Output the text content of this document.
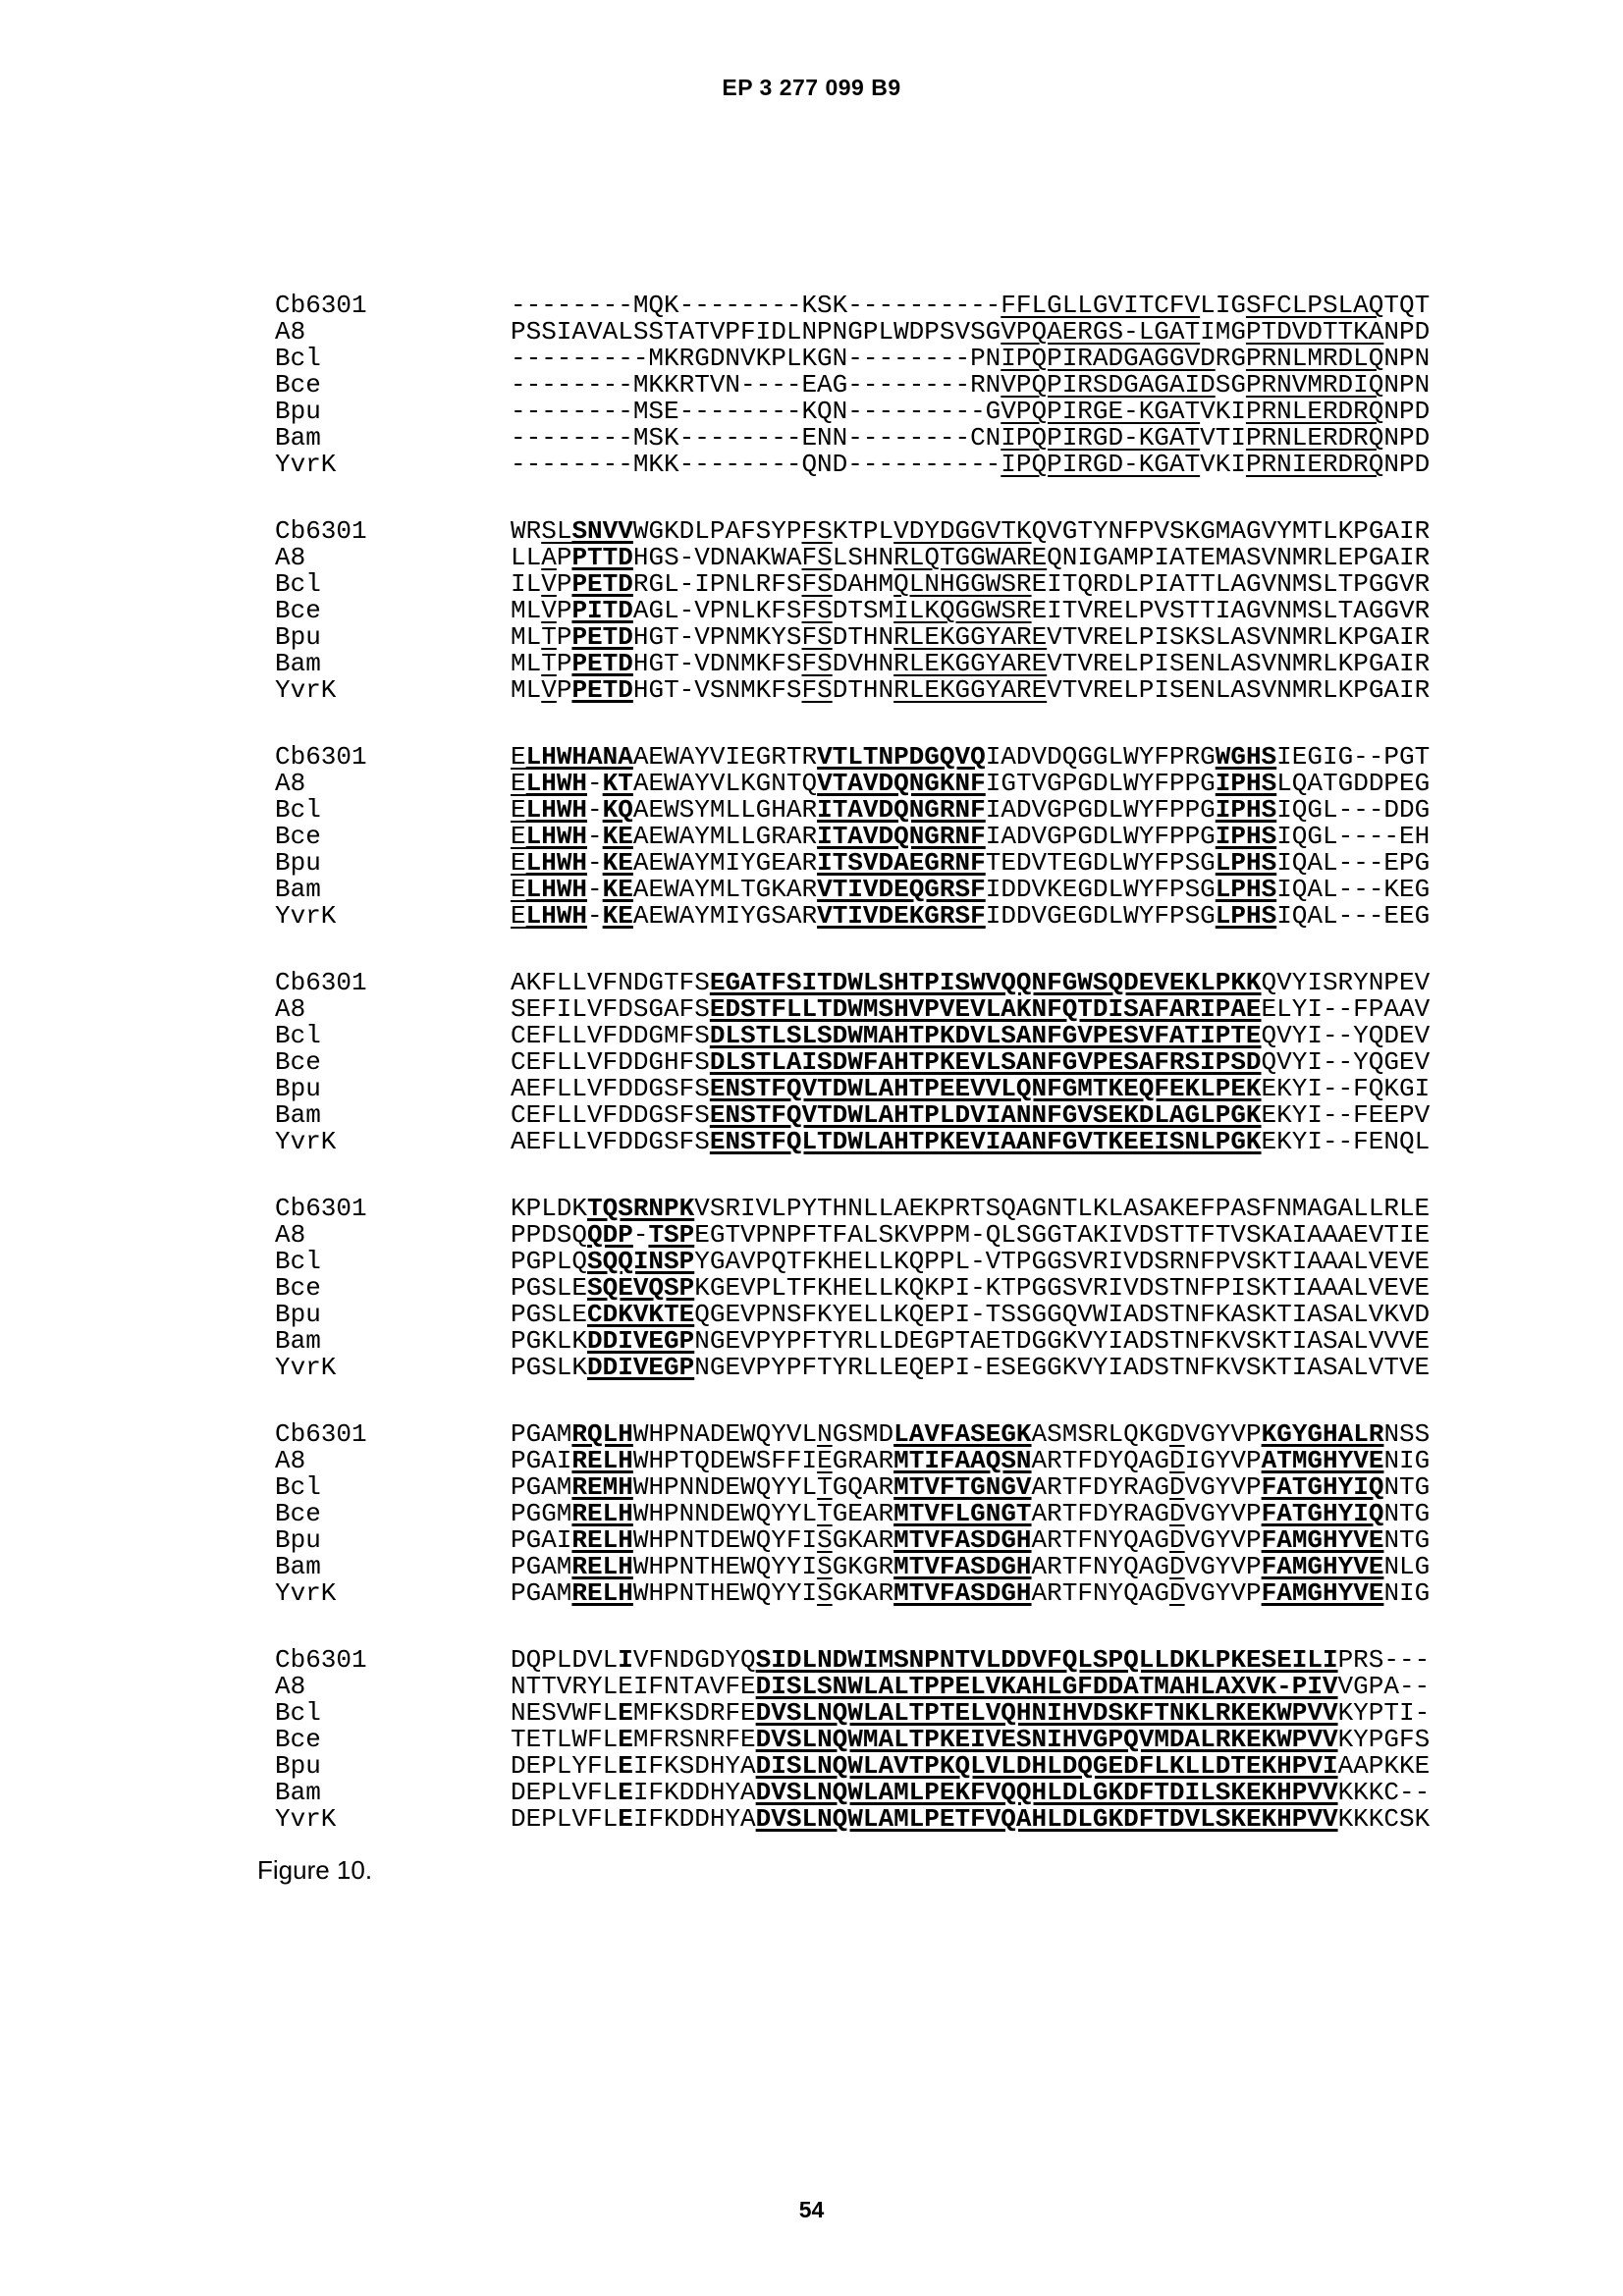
EP 3 277 099 B9
Cb6301	--------MQK--------KSK----------FFLGLLGVITCFVLIGSFCLPSLAQTQT
A8	PSSIAVALSSTATVPFIDLNPNGPLWDPSVSGVPQAERGS-LGATIMGPTDVDTTKANPD
Bcl	---------MKRGDNVKPLKGN--------PNIPQPIRADGAGGVDRGPRNLMRDLQNPN
Bce	--------MKKRTVN----EAG--------RNVPQPIRSDGAGAIDSGPRNVMRDIQNPN
Bpu	--------MSE--------KQN---------GVPQPIRGE-KGATVKIPRNLERDRQNPD
Bam	--------MSK--------ENN--------CNIPQPIRGD-KGATVTIPRNLERDRQNPD
YvrK	--------MKK--------QND----------IPQPIRGD-KGATVKIPRNIERDRQNPD
Cb6301	WRSLSNVVWGKDLPAFSYPFSKTPLVDYDGGVTKQVGTYNFPVSKGMAGVYMTLKPGAIR
A8	LLAPPTTDHGS-VDNAKWAFSLSHNRLQTGGWAREQNIGAMPIATEMASVNMRLEPGAIR
Bcl	ILVPPETDRGL-IPNLRFSFSDAHMQLNHGGWSREITQRDLPIATTLAGVNMSLTPGGVR
Bce	MLVPPITDAGL-VPNLKFSFSDTSMILKQGGWSREITVRELPVSTTIAGVNMSLTAGGVR
Bpu	MLTPPETDHGT-VPNMKYSFSDTHNRLEKGGYAREVTVRELPISKSLASVNMRLKPGAIR
Bam	MLTPPETDHGT-VDNMKFSFSDVHNRLEKGGYAREVTVRELPISENLASVNMRLKPGAIR
YvrK	MLVPPETDHGT-VSNMKFSFSDTHNRLEKGGYAREVTVRELPISENLASVNMRLKPGAIR
Cb6301	ELHWHANAAEWAYVIEGRTRVTLTNPDGQVQIADVDQGGLWYFPRGWGHSIEGIG--PGT
A8	ELHWH-KTAEWAYVLKGNTQVTAVDQNGKNFIGTVGPGDLWYFPPGIPHSLQATGDDPEG
Bcl	ELHWH-KQAEWSYMLLGHARITAVDQNGRNFIADVGPGDLWYFPPGIPHSIQGL---DDG
Bce	ELHWH-KEAEWAYMLLGRARITAVDQNGRNFIADVGPGDLWYFPPGIPHSIQGL----EH
Bpu	ELHWH-KEAEWAYMIYGEARITSVDAEGRNFTEDVTEGDLWYFPSGLPHSIQAL---EPG
Bam	ELHWH-KEAEWAYMLTGKARVTIVDEQGRSFIDDVKEGDLWYFPSGLPHSIQAL---KEG
YvrK	ELHWH-KEAEWAYMIYGSARVTIVDEKGRSFIDDVGEGDLWYFPSGLPHSIQAL---EEG
Cb6301	AKFLLVFNDGTFSEGATFSITDWLSHTPISWVQQNFGWSQDEVEKLPKKQVYISRYNPEV
A8	SEFILVFDSGAFSEDSTFLLTDWMSHVPVEVLAKNFQTDISAFARIPAEELYI--FPAAV
Bcl	CEFLLVFDDGMFSDLSTLSLSDWMAHTPKDVLSANFGVPESVFATIPTEQVYI--YQDEV
Bce	CEFLLVFDDGHFSDLSTLAISDWFAHTPKEVLSANFGVPESAFRSIPSDQVYI--YQGEV
Bpu	AEFLLVFDDGSFSENSTFQVTDWLAHTPEEVVLQNFGMTKEQFEKLPEKEKYI--FQKGI
Bam	CEFLLVFDDGSFSENSTFQVTDWLAHTPLDVIANNFGVSEKDLAGLPGKEKYI--FEEPV
YvrK	AEFLLVFDDGSFSENSTFQLTDWLAHTPKEVIAANFGVTKEEISNLPGKEKYI--FENQL
Cb6301	KPLDKTQSRNPKVSRIVLPYTHNLLAEKPRTSQAGNTLKLASAKEFPASFNMAGALLRLE
A8	PPDSQQDP-TSPEGTVPNPFTFALSKVPPM-QLSGGTAKIVDSTTFTVSKAIAAAEVTIE
Bcl	PGPLQSQQINSPYGAVPQTFKHELLKQPPL-VTPGGSVRIVDSRNFPVSKTIAAALVEVE
Bce	PGSLESQEVQSPKGEVPLTFKHELLKQKPI-KTPGGSVRIVDSTNFPISKTIAAALVEVE
Bpu	PGSLECDKVKTEQGEVPNSFKYELLKQEPI-TSSGGQVWIADSTNFKASKTIASALVKVD
Bam	PGKLKDDIVEGPNGEVPYPFTYRLLDEGPTAETDGGKVYIADSTNFKVSKTIASALVVVE
YvrK	PGSLKDDIVEGPNGEVPYPFTYRLLEQEPI-ESEGGKVYIADSTNFKVSKTIASALVTVE
Cb6301	PGAMRQLHWHPNADEWQYVLNGSMDLAVFASEGKASMSRLQKGDVGYVPKGYGHALRNSS
A8	PGAIRELHWHPTQDEWSFFIEGRARMTIFAAQSNARTFDYQAGDIGYVPATMGHYVENIG
Bcl	PGAMREMHWHPNNDEWQYYLTGQARMTVFTGNGVARTFDYRAGDVGYVPFATGHYIQNTG
Bce	PGGMRELHWHPNNDEWQYYLTGEARMTVFLGNGTARTFDYRAGDVGYVPFATGHYIQNTG
Bpu	PGAIRELHWHPNTDEWQYFISGKARMTVFASDGHARTFNYQAGDVGYVPFAMGHYVENTG
Bam	PGAMRELHWHPNTHEWQYYISGKGRMTVFASDGHARTFNYQAGDVGYVPFAMGHYVENLG
YvrK	PGAMRELHWHPNTHEWQYYISGKARMTVFASDGHARTFNYQAGDVGYVPFAMGHYVENIG
Cb6301	DQPLDVLIVFNDGDYQSIDLNDWIMSNPNTVLDDVFQLSPQLLDKLPKESEILIPRS---
A8	NTTVRYLEIFNTAVFEDISLSNWLALTPPELVKAHLGFDDATMAHLAXVK-PIVVGPA--
Bcl	NESVWFLEMFKSDRFEDVSLNQWLALTPTELVQHNIHVDSKFTNKLRKEKWPVVKYPTI-
Bce	TETLWFLEMFRSNRFEDVSLNQWMALTPKEIVESNIHVGPQVMDALRKEKWPVVKYPGFS
Bpu	DEPLYFLEIFKSDHYADISLNQWLAVTPKQLVLDHLDQGEDFLKLLDTEKHPVIAAPKKE
Bam	DEPLVFLEIFKDDHYADVSLNQWLAMLPEKFVQQHLDLGKDFTDILSKEKHPVVKKKC--
YvrK	DEPLVFLEIFKDDHYADVSLNQWLAMLPETFVQAHLDLGKDFTDVLSKEKHPVVKKKCSK
Figure 10.
54
